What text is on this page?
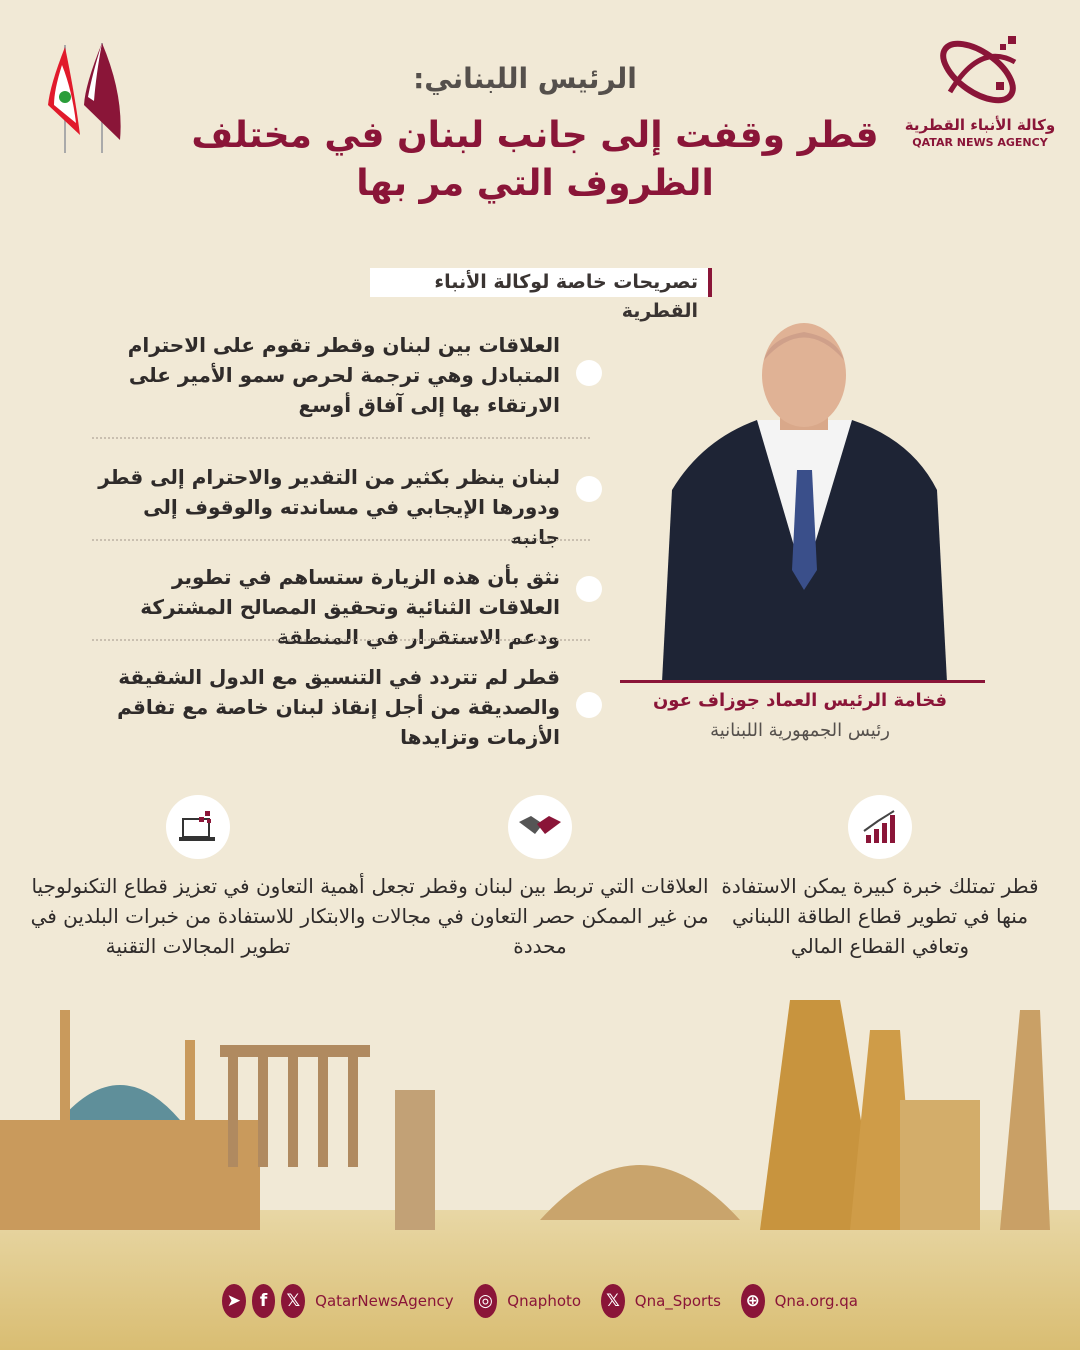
وكالة الأنباء القطرية
QATAR NEWS AGENCY
الرئيس اللبناني:
قطر وقفت إلى جانب لبنان في مختلف
الظروف التي مر بها
تصريحات خاصة لوكالة الأنباء القطرية
العلاقات بين لبنان وقطر تقوم على الاحترام المتبادل وهي ترجمة لحرص سمو الأمير على الارتقاء بها إلى آفاق أوسع
لبنان ينظر بكثير من التقدير والاحترام إلى قطر ودورها الإيجابي في مساندته والوقوف إلى جانبه
نثق بأن هذه الزيارة ستساهم في تطوير العلاقات الثنائية وتحقيق المصالح المشتركة ودعم الاستقرار في المنطقة
قطر لم تتردد في التنسيق مع الدول الشقيقة والصديقة من أجل إنقاذ لبنان خاصة مع تفاقم الأزمات وتزايدها
فخامة الرئيس العماد جوزاف عون
رئيس الجمهورية اللبنانية
قطر تمتلك خبرة كبيرة يمكن الاستفادة منها في تطوير قطاع الطاقة اللبناني وتعافي القطاع المالي
العلاقات التي تربط بين لبنان وقطر تجعل من غير الممكن حصر التعاون في مجالات محددة
أهمية التعاون في تعزيز قطاع التكنولوجيا والابتكار للاستفادة من خبرات البلدين في تطوير المجالات التقنية
➤	f	𝕏	QatarNewsAgency ◎ Qnaphoto 𝕏	Qna_Sports ⊕ Qna.org.qa
